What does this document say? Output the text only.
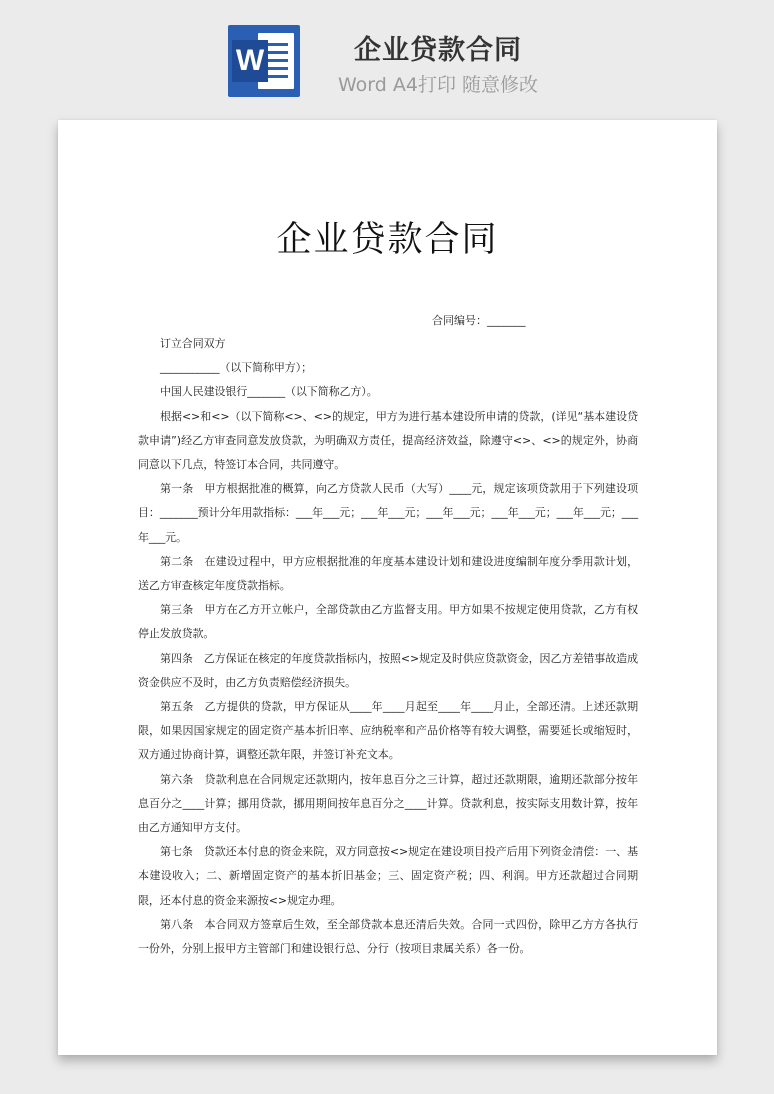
W	企业贷款合同
Word A4打印 随意修改
企业贷款合同
合同编号：_______

订立合同双方

___________（以下简称甲方）；

中国人民建设银行_______（以下简称乙方）。

根据<>和<>（以下简称<>、<>的规定，甲方为进行基本建设所申请的贷款，(详见“基本建设贷款申请”)经乙方审查同意发放贷款，为明确双方责任，提高经济效益，除遵守<>、<>的规定外，协商同意以下几点，特签订本合同，共同遵守。

第一条　甲方根据批准的概算，向乙方贷款人民币（大写）____元，规定该项贷款用于下列建设项目：_______预计分年用款指标：___年___元；___年___元；___年___元；___年___元；___年___元；___年___元。

第二条　在建设过程中，甲方应根据批准的年度基本建设计划和建设进度编制年度分季用款计划，送乙方审查核定年度贷款指标。

第三条　甲方在乙方开立帐户，全部贷款由乙方监督支用。甲方如果不按规定使用贷款，乙方有权停止发放贷款。

第四条　乙方保证在核定的年度贷款指标内，按照<>规定及时供应贷款资金，因乙方差错事故造成资金供应不及时，由乙方负责赔偿经济损失。

第五条　乙方提供的贷款，甲方保证从____年____月起至____年____月止，全部还清。上述还款期限，如果因国家规定的固定资产基本折旧率、应纳税率和产品价格等有较大调整，需要延长或缩短时，双方通过协商计算，调整还款年限，并签订补充文本。

第六条　贷款利息在合同规定还款期内，按年息百分之三计算，超过还款期限，逾期还款部分按年息百分之____计算；挪用贷款，挪用期间按年息百分之____计算。贷款利息，按实际支用数计算，按年由乙方通知甲方支付。

第七条　贷款还本付息的资金来院，双方同意按<>规定在建设项目投产后用下列资金清偿：一、基本建设收入；二、新增固定资产的基本折旧基金；三、固定资产税；四、利润。甲方还款超过合同期限，还本付息的资金来源按<>规定办理。

第八条　本合同双方签章后生效，至全部贷款本息还清后失效。合同一式四份，除甲乙方方各执行一份外，分别上报甲方主管部门和建设银行总、分行（按项目隶属关系）各一份。
